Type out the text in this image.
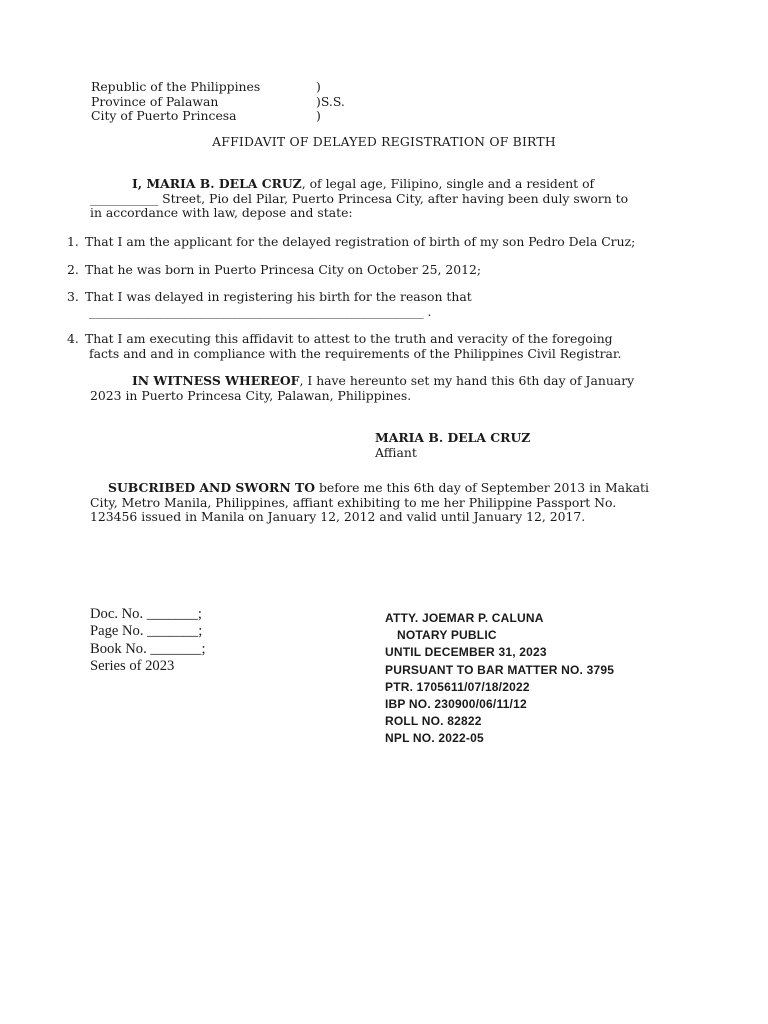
Republic of the Philippines	)
Province of Palawan	)S.S.
City of Puerto Princesa	)
AFFIDAVIT OF DELAYED REGISTRATION OF BIRTH
I, MARIA B. DELA CRUZ, of legal age, Filipino, single and a resident of
___________ Street, Pio del Pilar, Puerto Princesa City, after having been duly sworn to
in accordance with law, depose and state:
1. That I am the applicant for the delayed registration of birth of my son Pedro Dela Cruz;
2. That he was born in Puerto Princesa City on October 25, 2012;
3. That I was delayed in registering his birth for the reason that
______________________________________________________ .
4. That I am executing this affidavit to attest to the truth and veracity of the foregoing
facts and and in compliance with the requirements of the Philippines Civil Registrar.
IN WITNESS WHEREOF, I have hereunto set my hand this 6th day of January
2023 in Puerto Princesa City, Palawan, Philippines.
MARIA B. DELA CRUZ
Affiant
SUBCRIBED AND SWORN TO before me this 6th day of September 2013 in Makati
City, Metro Manila, Philippines, affiant exhibiting to me her Philippine Passport No.
123456 issued in Manila on January 12, 2012 and valid until January 12, 2017.
Doc. No. _______;
Page No. _______;
Book No. _______;
Series of 2023
ATTY. JOEMAR P. CALUNA
NOTARY PUBLIC
UNTIL DECEMBER 31, 2023
PURSUANT TO BAR MATTER NO. 3795
PTR. 1705611/07/18/2022
IBP NO. 230900/06/11/12
ROLL NO. 82822
NPL NO. 2022-05
